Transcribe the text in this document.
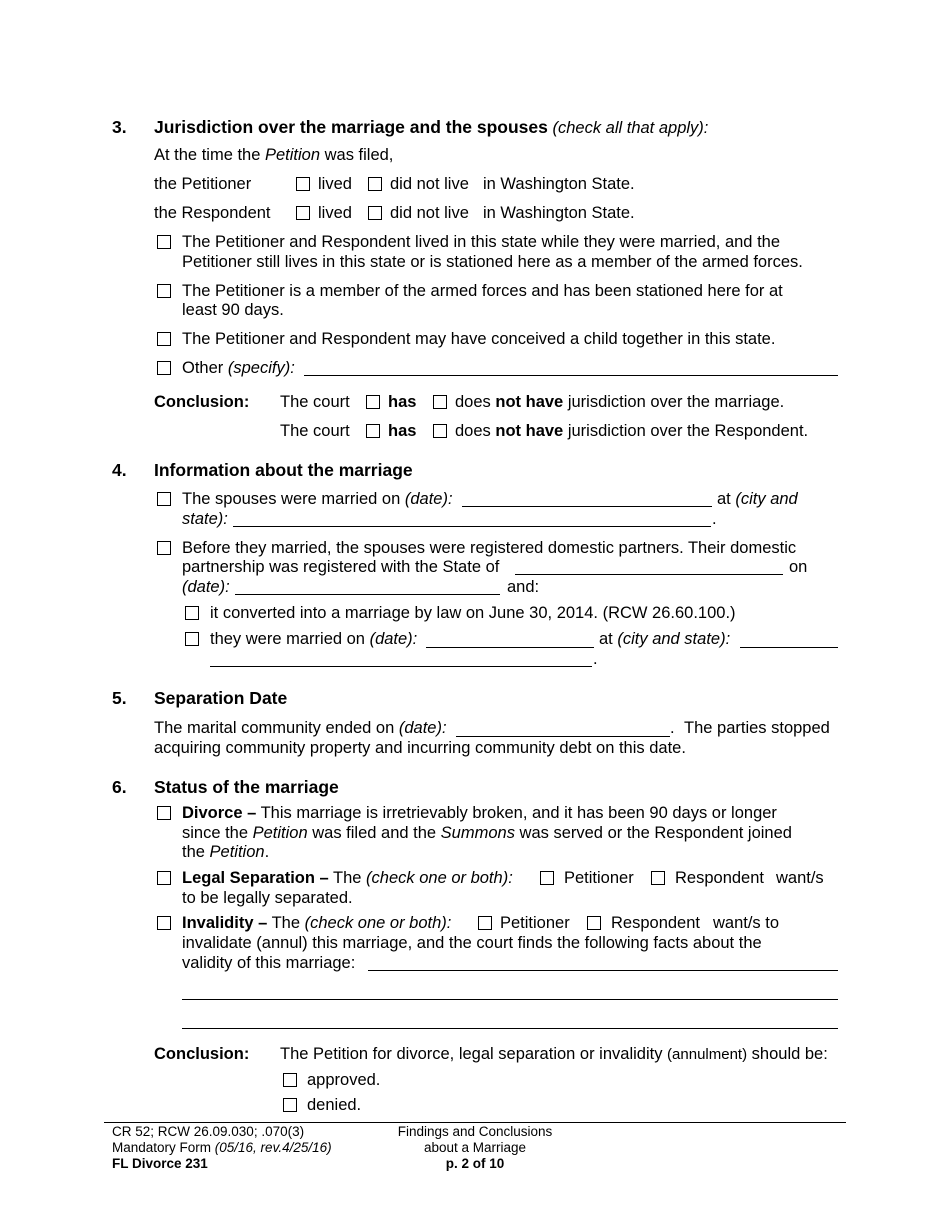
3. Jurisdiction over the marriage and the spouses (check all that apply):
At the time the Petition was filed,
the Petitioner	lived did not live in Washington State.
the Respondent	lived did not live in Washington State.
The Petitioner and Respondent lived in this state while they were married, and the
Petitioner still lives in this state or is stationed here as a member of the armed forces.
The Petitioner is a member of the armed forces and has been stationed here for at
least 90 days.
The Petitioner and Respondent may have conceived a child together in this state.
Other (specify):
Conclusion: The court has does not have jurisdiction over the marriage.
The court has does not have jurisdiction over the Respondent.
4. Information about the marriage
The spouses were married on (date):	at (city and
state):	.
Before they married, the spouses were registered domestic partners. Their domestic
partnership was registered with the State of	on
(date):	and:
it converted into a marriage by law on June 30, 2014. (RCW 26.60.100.)
they were married on (date):	at (city and state):
.
5. Separation Date
The marital community ended on (date):	. The parties stopped
acquiring community property and incurring community debt on this date.
6. Status of the marriage
Divorce – This marriage is irretrievably broken, and it has been 90 days or longer
since the Petition was filed and the Summons was served or the Respondent joined
the Petition.
Legal Separation – The (check one or both):	Petitioner	Respondent want/s
to be legally separated.
Invalidity – The (check one or both):	Petitioner	Respondent want/s to
invalidate (annul) this marriage, and the court finds the following facts about the
validity of this marriage:
Conclusion: The Petition for divorce, legal separation or invalidity (annulment) should be:
approved.
denied.
CR 52; RCW 26.09.030; .070(3)
Mandatory Form (05/16, rev.4/25/16)
FL Divorce 231
Findings and Conclusions
about a Marriage
p. 2 of 10
